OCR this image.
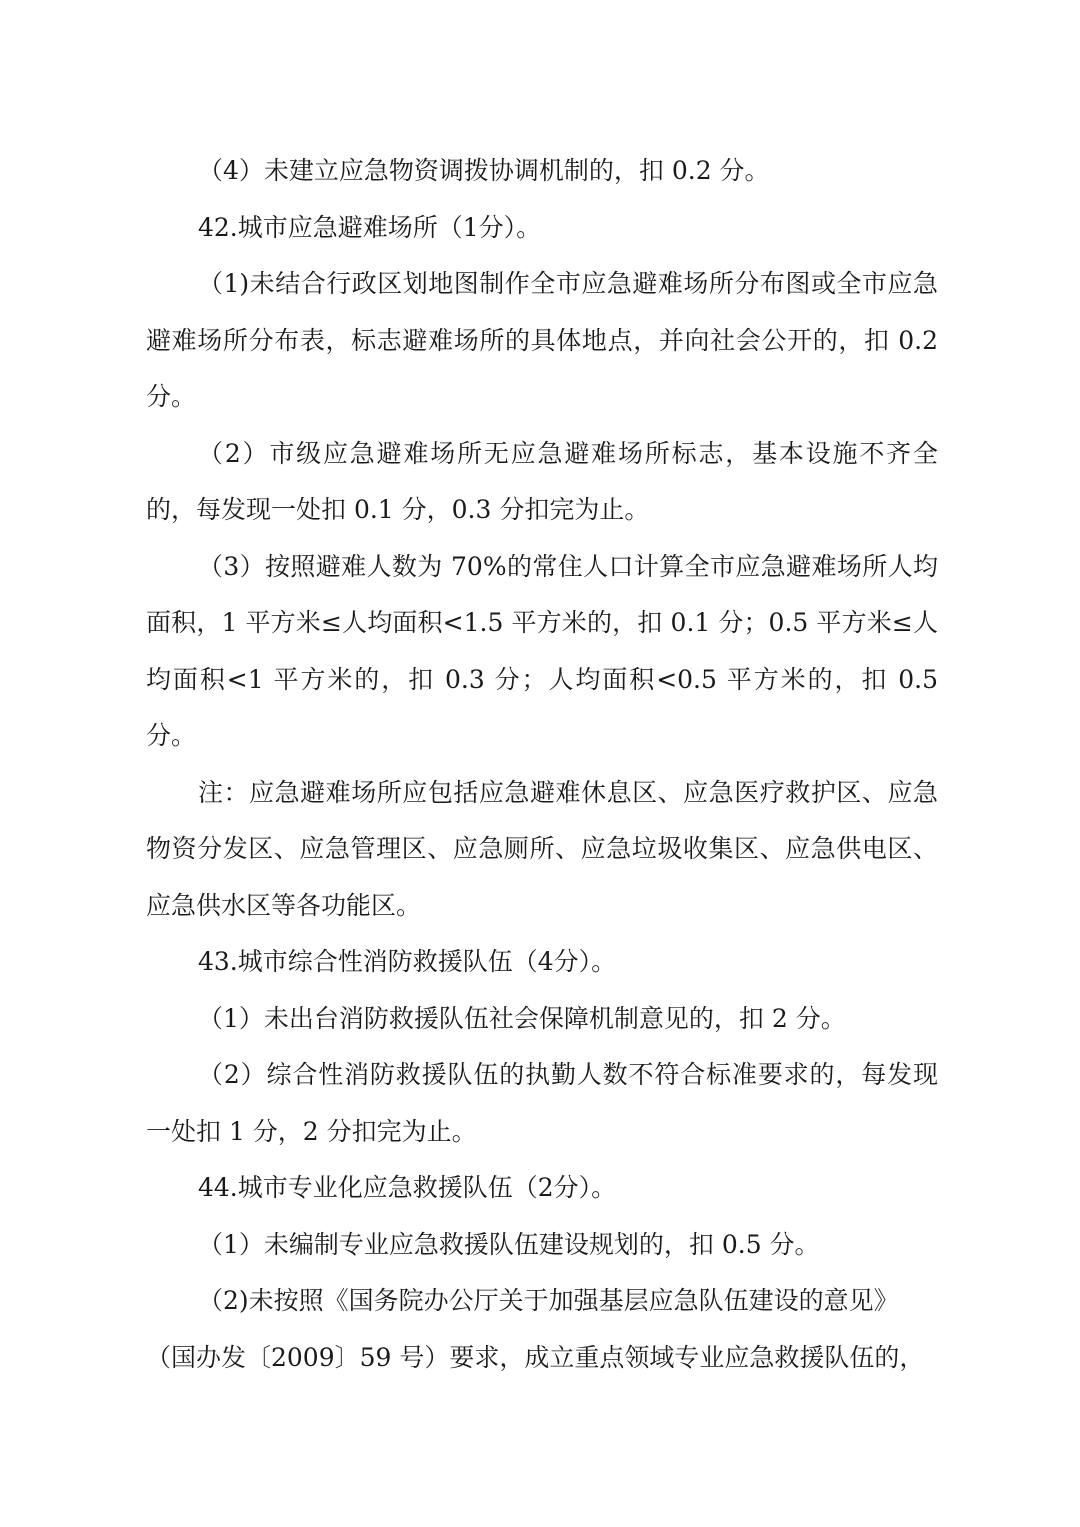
（4）未建立应急物资调拨协调机制的，扣 0.2 分。

42.城市应急避难场所（1分）。

（1)未结合行政区划地图制作全市应急避难场所分布图或全市应急避难场所分布表，标志避难场所的具体地点，并向社会公开的，扣 0.2 分。

（2）市级应急避难场所无应急避难场所标志，基本设施不齐全的，每发现一处扣 0.1 分，0.3 分扣完为止。

（3）按照避难人数为 70%的常住人口计算全市应急避难场所人均面积，1 平方米≤人均面积<1.5 平方米的，扣 0.1 分；0.5 平方米≤人均面积<1 平方米的，扣 0.3 分；人均面积<0.5 平方米的，扣 0.5 分。

注：应急避难场所应包括应急避难休息区、应急医疗救护区、应急物资分发区、应急管理区、应急厕所、应急垃圾收集区、应急供电区、应急供水区等各功能区。

43.城市综合性消防救援队伍（4分）。

（1）未出台消防救援队伍社会保障机制意见的，扣 2 分。

（2）综合性消防救援队伍的执勤人数不符合标准要求的，每发现一处扣 1 分，2 分扣完为止。

44.城市专业化应急救援队伍（2分）。

（1）未编制专业应急救援队伍建设规划的，扣 0.5 分。

（2)未按照《国务院办公厅关于加强基层应急队伍建设的意见》

（国办发〔2009〕59 号）要求，成立重点领域专业应急救援队伍的，
